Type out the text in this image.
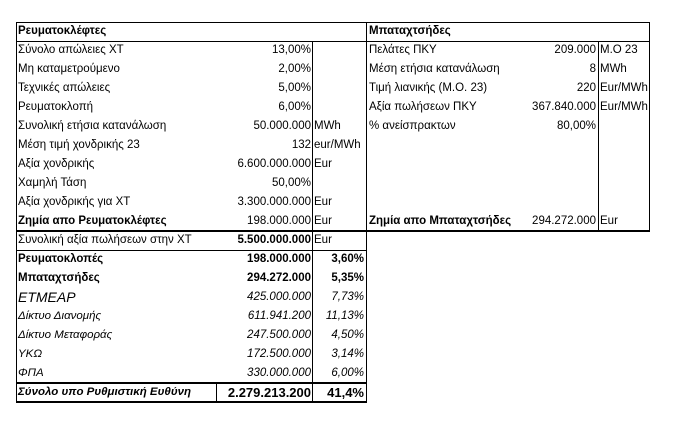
Ρευματοκλέφτες
Σύνολο απώλειες ΧΤ	13,00%
Μη καταμετρούμενο	2,00%
Τεχνικές απώλειες	5,00%
Ρευματοκλοπή	6,00%
Συνολική ετήσια κατανάλωση	50.000.000 MWh
Μέση τιμή χονδρικής 23	132 eur/MWh
Αξία χονδρικής	6.600.000.000 Eur
Χαμηλή Τάση	50,00%
Αξία χονδρικής για ΧΤ	3.300.000.000 Eur
Ζημία απο Ρευματοκλέφτες	198.000.000 Eur
Μπαταχτσήδες
Πελάτες ΠΚΥ	209.000 Μ.Ο 23
Μέση ετήσια κατανάλωση	8 MWh
Τιμή λιανικής (Μ.Ο. 23)	220 Eur/MWh
Αξία πωλήσεων ΠΚΥ	367.840.000 Eur/MWh
% ανείσπρακτων	80,00%
Ζημία απο Μπαταχτσήδες 294.272.000 Eur
Συνολική αξία πωλήσεων στην ΧΤ	5.500.000.000 Eur
Ρευματοκλοπές	198.000.000 3,60%
Μπαταχτσήδες	294.272.000 5,35%
ΕΤΜΕΑΡ	425.000.000 7,73%
Δίκτυο Διανομής	611.941.200 11,13%
Δίκτυο Μεταφοράς	247.500.000 4,50%
ΥΚΩ	172.500.000 3,14%
ΦΠΑ	330.000.000 6,00%
Σύνολο υπο Ρυθμιστική Ευθύνη	2.279.213.200 41,4%
